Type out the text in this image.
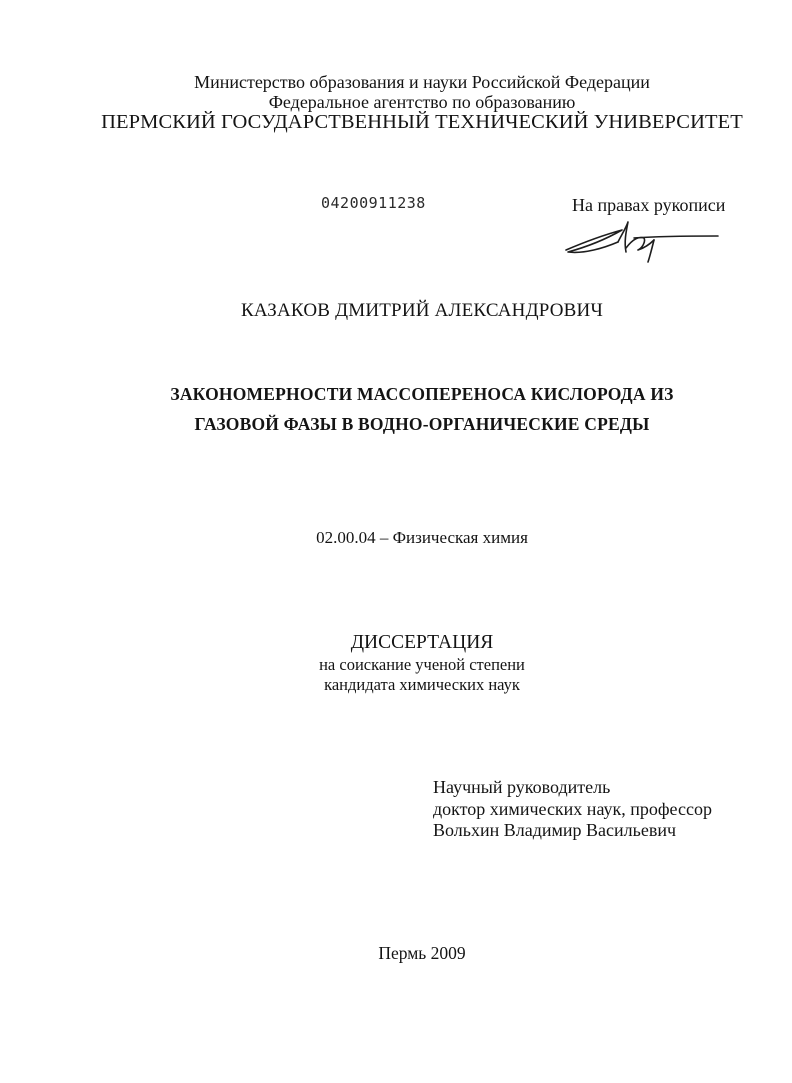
Министерство образования и науки Российской Федерации
Федеральное агентство по образованию
ПЕРМСКИЙ ГОСУДАРСТВЕННЫЙ ТЕХНИЧЕСКИЙ УНИВЕРСИТЕТ
04200911238	На правах рукописи
КАЗАКОВ ДМИТРИЙ АЛЕКСАНДРОВИЧ
ЗАКОНОМЕРНОСТИ МАССОПЕРЕНОСА КИСЛОРОДА ИЗ
ГАЗОВОЙ ФАЗЫ В ВОДНО-ОРГАНИЧЕСКИЕ СРЕДЫ
02.00.04 – Физическая химия
ДИССЕРТАЦИЯ
на соискание ученой степени
кандидата химических наук
Научный руководитель
доктор химических наук, профессор
Вольхин Владимир Васильевич
Пермь 2009
